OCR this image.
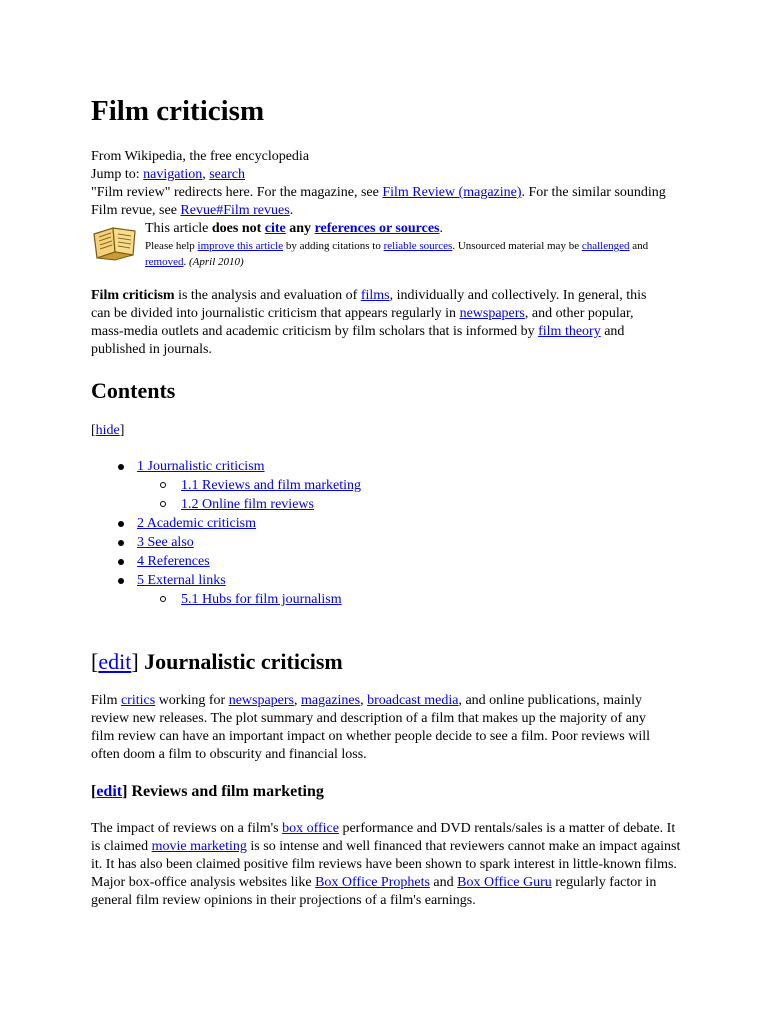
Film criticism

From Wikipedia, the free encyclopedia

Jump to: navigation, search

"Film review" redirects here. For the magazine, see Film Review (magazine). For the similar sounding Film revue, see Revue#Film revues.

This article does not cite any references or sources.
Please help improve this article by adding citations to reliable sources. Unsourced material may be challenged and removed. (April 2010)

Film criticism is the analysis and evaluation of films, individually and collectively. In general, this can be divided into journalistic criticism that appears regularly in newspapers, and other popular, mass-media outlets and academic criticism by film scholars that is informed by film theory and published in journals.

Contents
[hide]
1 Journalistic criticism
1.1 Reviews and film marketing
1.2 Online film reviews
2 Academic criticism
3 See also
4 References
5 External links
5.1 Hubs for film journalism
[edit] Journalistic criticism

Film critics working for newspapers, magazines, broadcast media, and online publications, mainly review new releases. The plot summary and description of a film that makes up the majority of any film review can have an important impact on whether people decide to see a film. Poor reviews will often doom a film to obscurity and financial loss.

[edit] Reviews and film marketing

The impact of reviews on a film's box office performance and DVD rentals/sales is a matter of debate. It is claimed movie marketing is so intense and well financed that reviewers cannot make an impact against it. It has also been claimed positive film reviews have been shown to spark interest in little-known films. Major box-office analysis websites like Box Office Prophets and Box Office Guru regularly factor in general film review opinions in their projections of a film's earnings.
